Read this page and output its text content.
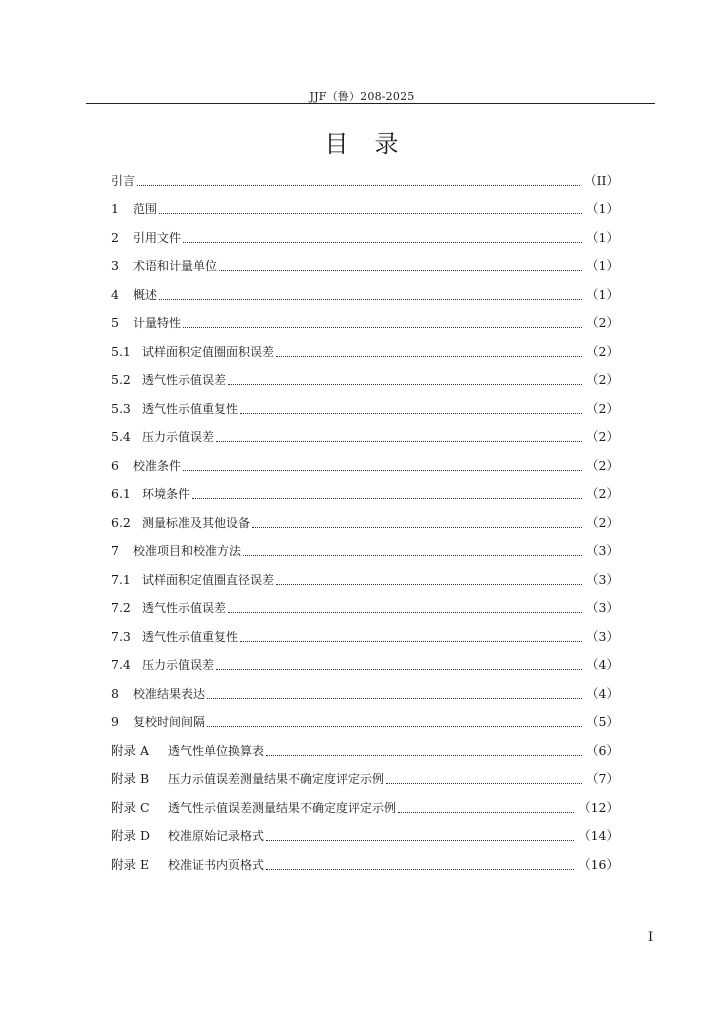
JJF（鲁）208-2025
目　录
引言	（II）
1	范围	（1）
2	引用文件	（1）
3	术语和计量单位	（1）
4	概述	（1）
5	计量特性	（2）
5.1 试样面积定值圈面积误差	（2）
5.2 透气性示值误差	（2）
5.3 透气性示值重复性	（2）
5.4 压力示值误差	（2）
6	校准条件	（2）
6.1 环境条件	（2）
6.2 测量标准及其他设备	（2）
7	校准项目和校准方法	（3）
7.1 试样面积定值圈直径误差	（3）
7.2 透气性示值误差	（3）
7.3 透气性示值重复性	（3）
7.4 压力示值误差	（4）
8	校准结果表达	（4）
9	复校时间间隔	（5）
附录 A	透气性单位换算表	（6）
附录 B	压力示值误差测量结果不确定度评定示例	（7）
附录 C	透气性示值误差测量结果不确定度评定示例	（12）
附录 D	校准原始记录格式	（14）
附录 E	校准证书内页格式	（16）
I
